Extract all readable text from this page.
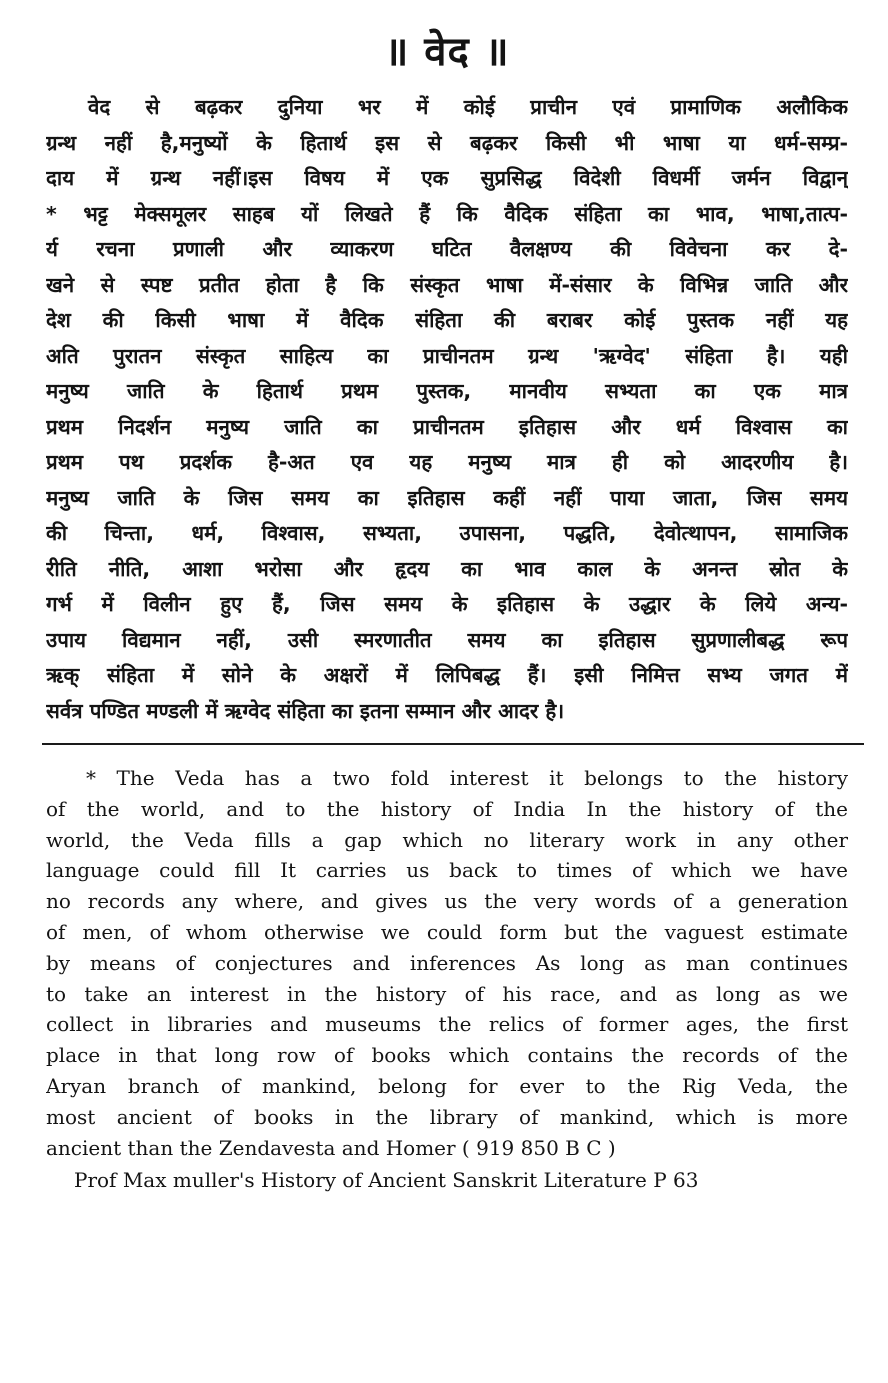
॥ वेद ॥
वेद से बढ़कर दुनिया भर में कोई प्राचीन एवं प्रामाणिक अलौकिक
ग्रन्थ नहीं है,मनुष्यों के हितार्थ इस से बढ़कर किसी भी भाषा या धर्म-सम्प्र-
दाय में ग्रन्थ नहीं।इस विषय में एक सुप्रसिद्ध विदेशी विधर्मी जर्मन विद्वान्
* भट्ट मेक्समूलर साहब यों लिखते हैं कि वैदिक संहिता का भाव, भाषा,तात्प-
र्य रचना प्रणाली और व्याकरण घटित वैलक्षण्य की विवेचना कर दे-
खने से स्पष्ट प्रतीत होता है कि संस्कृत भाषा में-संसार के विभिन्न जाति और
देश की किसी भाषा में वैदिक संहिता की बराबर कोई पुस्तक नहीं यह
अति पुरातन संस्कृत साहित्य का प्राचीनतम ग्रन्थ 'ऋग्वेद' संहिता है। यही
मनुष्य जाति के हितार्थ प्रथम पुस्तक, मानवीय सभ्यता का एक मात्र
प्रथम निदर्शन मनुष्य जाति का प्राचीनतम इतिहास और धर्म विश्वास का
प्रथम पथ प्रदर्शक है-अत एव यह मनुष्य मात्र ही को आदरणीय है।
मनुष्य जाति के जिस समय का इतिहास कहीं नहीं पाया जाता, जिस समय
की चिन्ता, धर्म, विश्वास, सभ्यता, उपासना, पद्धति, देवोत्थापन, सामाजिक
रीति नीति, आशा भरोसा और हृदय का भाव काल के अनन्त स्रोत के
गर्भ में विलीन हुए हैं, जिस समय के इतिहास के उद्धार के लिये अन्य-
उपाय विद्यमान नहीं, उसी स्मरणातीत समय का इतिहास सुप्रणालीबद्ध रूप
ऋक् संहिता में सोने के अक्षरों में लिपिबद्ध हैं। इसी निमित्त सभ्य जगत में
सर्वत्र पण्डित मण्डली में ऋग्वेद संहिता का इतना सम्मान और आदर है।
* The Veda has a two fold interest it belongs to the history
of the world, and to the history of India In the history of the
world, the Veda fills a gap which no literary work in any other
language could fill It carries us back to times of which we have
no records any where, and gives us the very words of a generation
of men, of whom otherwise we could form but the vaguest estimate
by means of conjectures and inferences As long as man continues
to take an interest in the history of his race, and as long as we
collect in libraries and museums the relics of former ages, the first
place in that long row of books which contains the records of the
Aryan branch of mankind, belong for ever to the Rig Veda, the
most ancient of books in the library of mankind, which is more
ancient than the Zendavesta and Homer ( 919 850 B C )
Prof Max muller's History of Ancient Sanskrit Literature P 63
